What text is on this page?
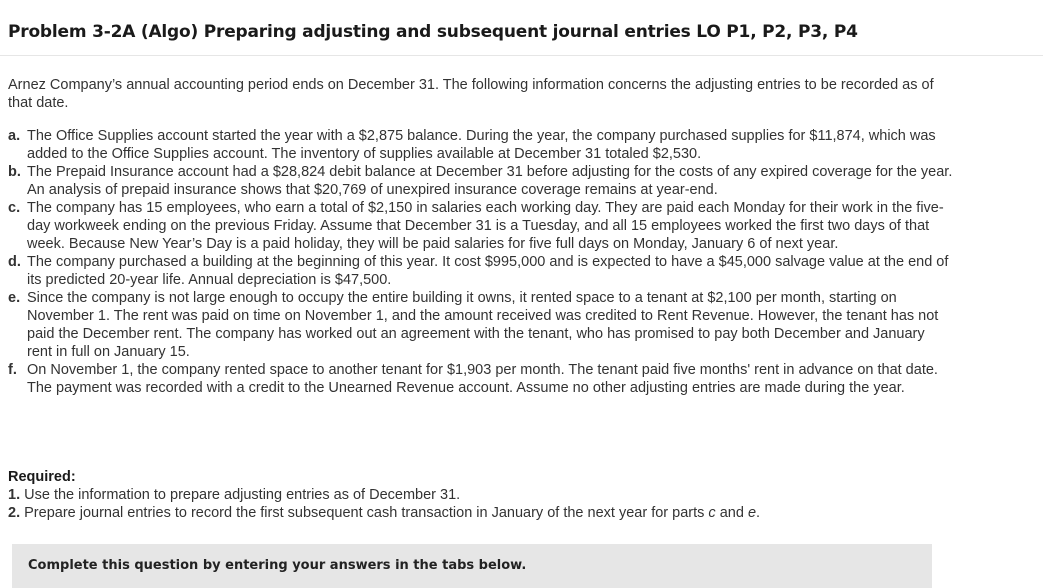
Problem 3-2A (Algo) Preparing adjusting and subsequent journal entries LO P1, P2, P3, P4

Arnez Company’s annual accounting period ends on December 31. The following information concerns the adjusting entries to be recorded as of that date.

a. The Office Supplies account started the year with a $2,875 balance. During the year, the company purchased supplies for $11,874, which was added to the Office Supplies account. The inventory of supplies available at December 31 totaled $2,530.
b. The Prepaid Insurance account had a $28,824 debit balance at December 31 before adjusting for the costs of any expired coverage for the year. An analysis of prepaid insurance shows that $20,769 of unexpired insurance coverage remains at year-end.
c. The company has 15 employees, who earn a total of $2,150 in salaries each working day. They are paid each Monday for their work in the five-day workweek ending on the previous Friday. Assume that December 31 is a Tuesday, and all 15 employees worked the first two days of that week. Because New Year’s Day is a paid holiday, they will be paid salaries for five full days on Monday, January 6 of next year.
d. The company purchased a building at the beginning of this year. It cost $995,000 and is expected to have a $45,000 salvage value at the end of its predicted 20-year life. Annual depreciation is $47,500.
e. Since the company is not large enough to occupy the entire building it owns, it rented space to a tenant at $2,100 per month, starting on November 1. The rent was paid on time on November 1, and the amount received was credited to Rent Revenue. However, the tenant has not paid the December rent. The company has worked out an agreement with the tenant, who has promised to pay both December and January rent in full on January 15.
f. On November 1, the company rented space to another tenant for $1,903 per month. The tenant paid five months' rent in advance on that date. The payment was recorded with a credit to the Unearned Revenue account. Assume no other adjusting entries are made during the year.
Required:
1. Use the information to prepare adjusting entries as of December 31.
2. Prepare journal entries to record the first subsequent cash transaction in January of the next year for parts c and e.
Complete this question by entering your answers in the tabs below.
